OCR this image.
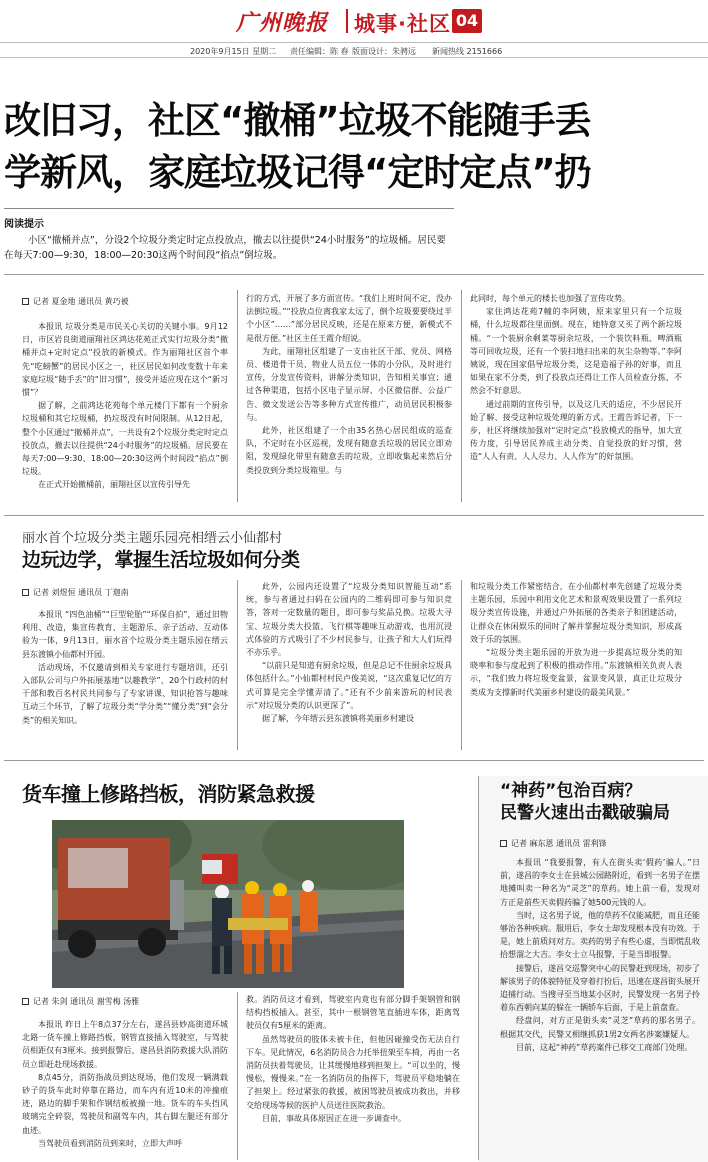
广州晚报 城事·社区 04
2020年9月15日 星期二 责任编辑：陈 春 版面设计：朱骋远 新闻热线 2151666
改旧习，社区“撤桶”垃圾不能随手丢
学新风，家庭垃圾记得“定时定点”扔
阅读提示
小区“撤桶并点”，分设2个垃圾分类定时定点投放点，撤去以往提供“24小时服务”的垃圾桶。居民要在每天7:00—9:30，18:00—20:30这两个时间段“掐点”倒垃圾。
记者 夏金地 通讯员 黄巧被

本报讯 垃圾分类是市民关心关切的关键小事。9月12日，市区岩良街道丽翔社区鸿达花苑正式实行垃圾分类“撤桶并点+定时定点”投放的新模式。作为丽翔社区首个率先“吃螃蟹”的居民小区之一，社区居民如何改变数十年来家庭垃圾“随手丢”的“旧习惯”，接受并适应现在这个“新习惯”？

据了解，之前鸿达花苑每个单元楼门下都有一个厨余垃圾桶和其它垃圾桶，扔垃圾没有时间限制。从12日起，整个小区通过“撤桶并点”，一共设有2个垃圾分类定时定点投放点，撤去以往提供“24小时服务”的垃圾桶。居民要在每天7:00—9:30、18:00—20:30这两个时间段“掐点”倒垃圾。

在正式开始撤桶前，丽翔社区以宣传引导先

行的方式，开展了多方面宣传。“我们上班时间不定，没办法倒垃圾。”“投放点位离我家太远了，倒个垃圾要要绕过半个小区”……”部分居民反映，还是在原来方便，新模式不是很方便。”社区主任王霞介绍说。

为此，丽翔社区组建了一支由社区干部、党员、网格员、楼道骨干员、物业人员五位一体的小分队，及时进行宣传，分发宣传资料，讲解分类知识，告知相关事宜；通过各种渠道，包括小区电子显示屏、小区微信群、公益广告、微文发送公告等多种方式宣传推广，动员居民积极参与。

此外，社区组建了一个由35名热心居民组成的巡查队，不定时在小区巡视，发现有随意丢垃圾的居民立即劝阻，发现绿化带里有随意丢的垃圾，立即收集起来然后分类投放到分类垃圾箱里。与

此同时，每个单元的楼长也加强了宣传攻势。

家住鸿达花苑7幢的李阿姨，原来家里只有一个垃圾桶，什么垃圾都往里面倒。现在，她特意又买了两个新垃圾桶。“一个装厨余剩菜等厨余垃圾，一个装饮料瓶、啤酒瓶等可回收垃圾，还有一个装扫地扫出来的灰尘杂物等。”李阿姨说，现在国家倡导垃圾分类，这是造福子孙的好事，而且如果在家不分类，到了投放点还得让工作人员检查分拣，不然会不好意思。

通过前期的宣传引导，以及这几天的适应，不少居民开始了解、接受这种垃圾处理的新方式。王霞告诉记者，下一步，社区将继续加强对“定时定点”投放模式的指导，加大宣传力度，引导居民养成主动分类、自觉投放的好习惯，营造“人人有责、人人尽力、人人作为”的好氛围。

丽水首个垃圾分类主题乐园亮相缙云小仙都村
边玩边学，掌握生活垃圾如何分类
记者 刘煜恒 通讯员 丁迦南

本报讯 “四色油桶”“巨型轮胎”“环保自拍”，通过旧物利用、改造，集宣传教育、主题游乐、亲子活动、互动体验为一体，9月13日，丽水首个垃圾分类主题乐园在缙云县东渡镇小仙都村开园。

活动现场，不仅邀请到相关专家进行专题培训，还引入部队公司与户外拓展基地“以趣教学”，20个行政村的村干部和教百名村民共同参与了专家讲课、知识抢答与趣味互动三个环节，了解了垃圾分类“学分类”“懂分类”到“会分类”的相关知识。

此外，公园内还设置了“垃圾分类知识智能互动”系统，参与者通过扫码在公园内的二维码即可参与知识竞答，答对一定数量的题目，即可参与奖品兑换。垃圾大寻宝、垃圾分类大投篮、飞行棋等趣味互动游戏，也用沉浸式体验的方式吸引了不少村民参与，让孩子和大人们玩得不亦乐乎。

“以前只是知道有厨余垃圾，但是总记不住厨余垃圾具体包括什么。”小仙都村村民卢俊美说，“这次重复记忆的方式可算是完全学懂弄清了。”还有不少前来游玩的村民表示“对垃圾分类的认识更深了”。

据了解，今年缙云县东渡镇将美丽乡村建设

和垃圾分类工作紧密结合，在小仙都村率先创建了垃圾分类主题乐园，乐园中利用文化艺术和景观效果设置了一系列垃圾分类宣传设施，并通过户外拓展的各类亲子和团建活动，让群众在休闲娱乐的同时了解并掌握垃圾分类知识，形成高效于乐的氛围。

“垃圾分类主题乐园的开放为进一步提高垃圾分类的知晓率和参与度起到了积极的推动作用。”东渡镇相关负责人表示，“我们致力将垃圾变盆景，盆景变风景，真正让垃圾分类成为支撑新时代美丽乡村建设的最美风景。”

货车撞上修路挡板，消防紧急救援
记者 朱剑 通讯员 谢雪梅 汤雅

本报讯 昨日上午8点37分左右，遂昌县妙高街道环城北路一货车撞上修路挡板，钢管直接插入驾驶室，与驾驶员相距仅有3厘米。接到报警后，遂昌县消防救援大队消防员立即赶赴现场救援。

8点45分，消防指战员到达现场，他们发现一辆满载砂子的货车此时停靠在路边，而车内有近10米的冲撞痕迹，路边的脚手架和作钢结板被撞一地。货车的车头挡风玻璃完全碎裂，驾驶员和副驾车内，其右脚左腿还有部分血迹。

当驾驶员看到消防员到来时，立即大声呼

救。消防员这才看到，驾驶室内竟也有部分脚手架钢管和钢结构挡板插入。甚至，其中一根钢管笔直插进车体，距离驾驶员仅有5厘米的距离。

虽然驾驶员的肢体未被卡住，但他因碰撞受伤无法自行下车。见此情况，6名消防员合力托举扭架至车椅，再由一名消防员扶着驾驶员，让其缓慢地移到担架上。“可以坐的，慢慢松，慢慢来。”在一名消防员的指挥下，驾驶员平稳地躺在了担架上。经过紧张的救援，被困驾驶员被成功救出，并移交给现场等候的医护人员送往医院救治。

目前，事故具体原因正在进一步调查中。

“神药”包治百病？
民警火速出击戳破骗局
记者 麻东恩 通讯员 雷利锋

本报讯 “我要报警，有人在街头卖‘假药’骗人。”日前，遂昌的李女士在县城公园路附近，看到一名男子在摆地摊叫卖一种名为“灵芝”的草药。她上前一看，发现对方正是前些天卖假药骗了她500元钱的人。

当时，这名男子说，他的草药不仅能减肥，而且还能够治各种疾病。服用后，李女士却发现根本没有功效。于是，她上前质问对方。卖药的男子有些心虚，当即慌乱收拾想溜之大吉。李女士立马报警，于是当即报警。

接警后，遂昌交巡警突中心的民警赶到现场，初步了解该男子的体貌特征及穿着打扮后，迅速在遂昌街头展开追捕行动。当搜寻至当地某小区时，民警发现一名男子拎着东西朝向某的躲在一辆轿车后面，于是上前盘查。

经盘问，对方正是街头卖“灵芝”草药的那名男子。根据其交代，民警又相继抓获1男2女两名涉案嫌疑人。

目前，这起“神药”草药案件已移交工商部门处理。
